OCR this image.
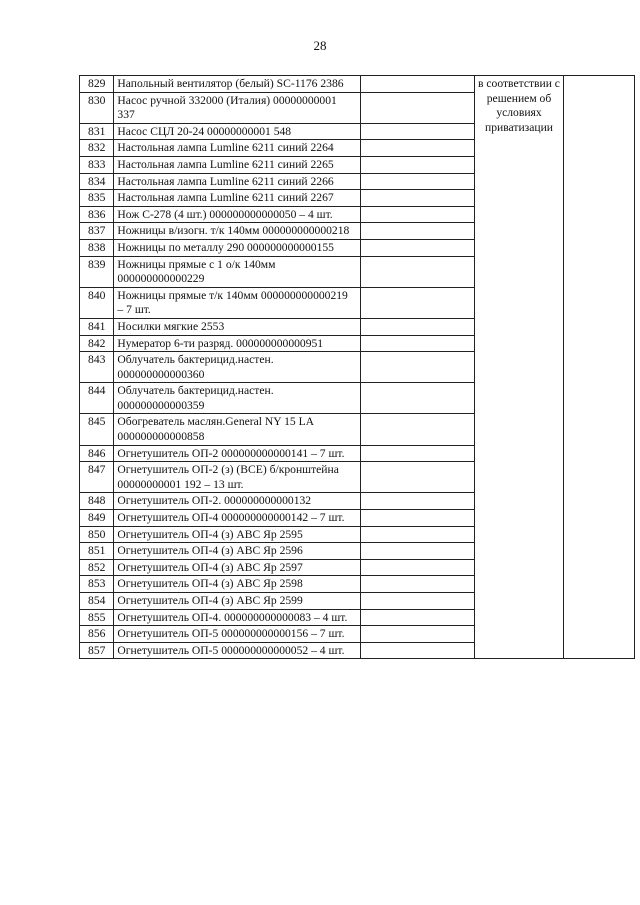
28
829	Напольный вентилятор (белый) SC-1176 2386		в соответствии с решением об условиях приватизации	
830	Насос ручной 332000 (Италия) 00000000001 337			
831	Насос СЦЛ 20-24 00000000001 548			
832	Настольная лампа Lumline 6211 синий 2264			
833	Настольная лампа Lumline 6211 синий 2265			
834	Настольная лампа Lumline 6211 синий 2266			
835	Настольная лампа Lumline 6211 синий 2267			
836	Нож С-278 (4 шт.) 000000000000050 – 4 шт.			
837	Ножницы в/изогн. т/к 140мм 000000000000218			
838	Ножницы по металлу 290 000000000000155			
839	Ножницы прямые с 1 о/к 140мм 000000000000229			
840	Ножницы прямые т/к 140мм 000000000000219 – 7 шт.			
841	Носилки мягкие 2553			
842	Нумератор 6-ти разряд. 000000000000951			
843	Облучатель бактерицид.настен. 000000000000360			
844	Облучатель бактерицид.настен. 000000000000359			
845	Обогреватель маслян.General NY 15 LA 000000000000858			
846	Огнетушитель ОП-2 000000000000141 – 7 шт.			
847	Огнетушитель ОП-2 (з) (ВСЕ) б/кронштейна 00000000001 192 – 13 шт.			
848	Огнетушитель ОП-2. 000000000000132			
849	Огнетушитель ОП-4 000000000000142 – 7 шт.			
850	Огнетушитель ОП-4 (з) АВС Яр 2595			
851	Огнетушитель ОП-4 (з) АВС Яр 2596			
852	Огнетушитель ОП-4 (з) АВС Яр 2597			
853	Огнетушитель ОП-4 (з) АВС Яр 2598			
854	Огнетушитель ОП-4 (з) АВС Яр 2599			
855	Огнетушитель ОП-4. 000000000000083 – 4 шт.			
856	Огнетушитель ОП-5 000000000000156 – 7 шт.			
857	Огнетушитель ОП-5 000000000000052 – 4 шт.			
